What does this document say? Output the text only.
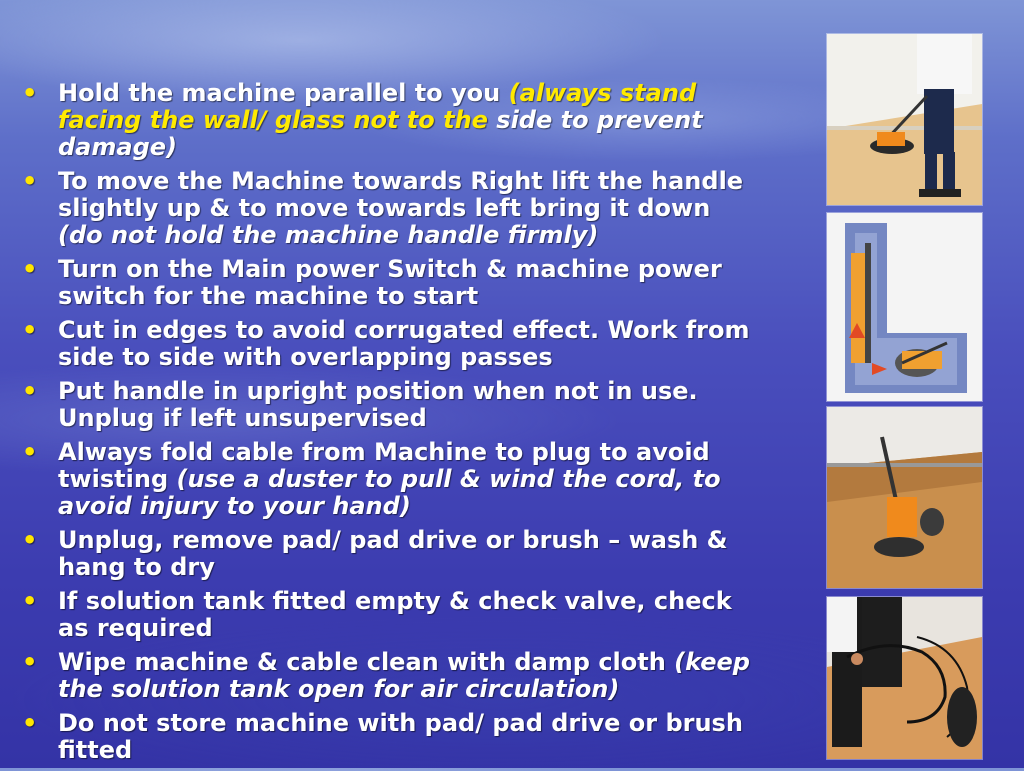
• Hold the machine parallel to you (always stand facing the wall/ glass not to the side to prevent damage)
• To move the Machine towards Right lift the handle slightly up & to move towards left bring it down (do not hold the machine handle firmly)
• Turn on the Main power Switch & machine power switch for the machine to start
• Cut in edges to avoid corrugated effect. Work from side to side with overlapping passes
• Put handle in upright position when not in use. Unplug if left unsupervised
• Always fold cable from Machine to plug to avoid twisting (use a duster to pull & wind the cord, to avoid injury to your hand)
• Unplug, remove pad/ pad drive or brush – wash & hang to dry
• If solution tank fitted empty & check valve, check as required
• Wipe machine & cable clean with damp cloth (keep the solution tank open for air circulation)
• Do not store machine with pad/ pad drive or brush fitted
